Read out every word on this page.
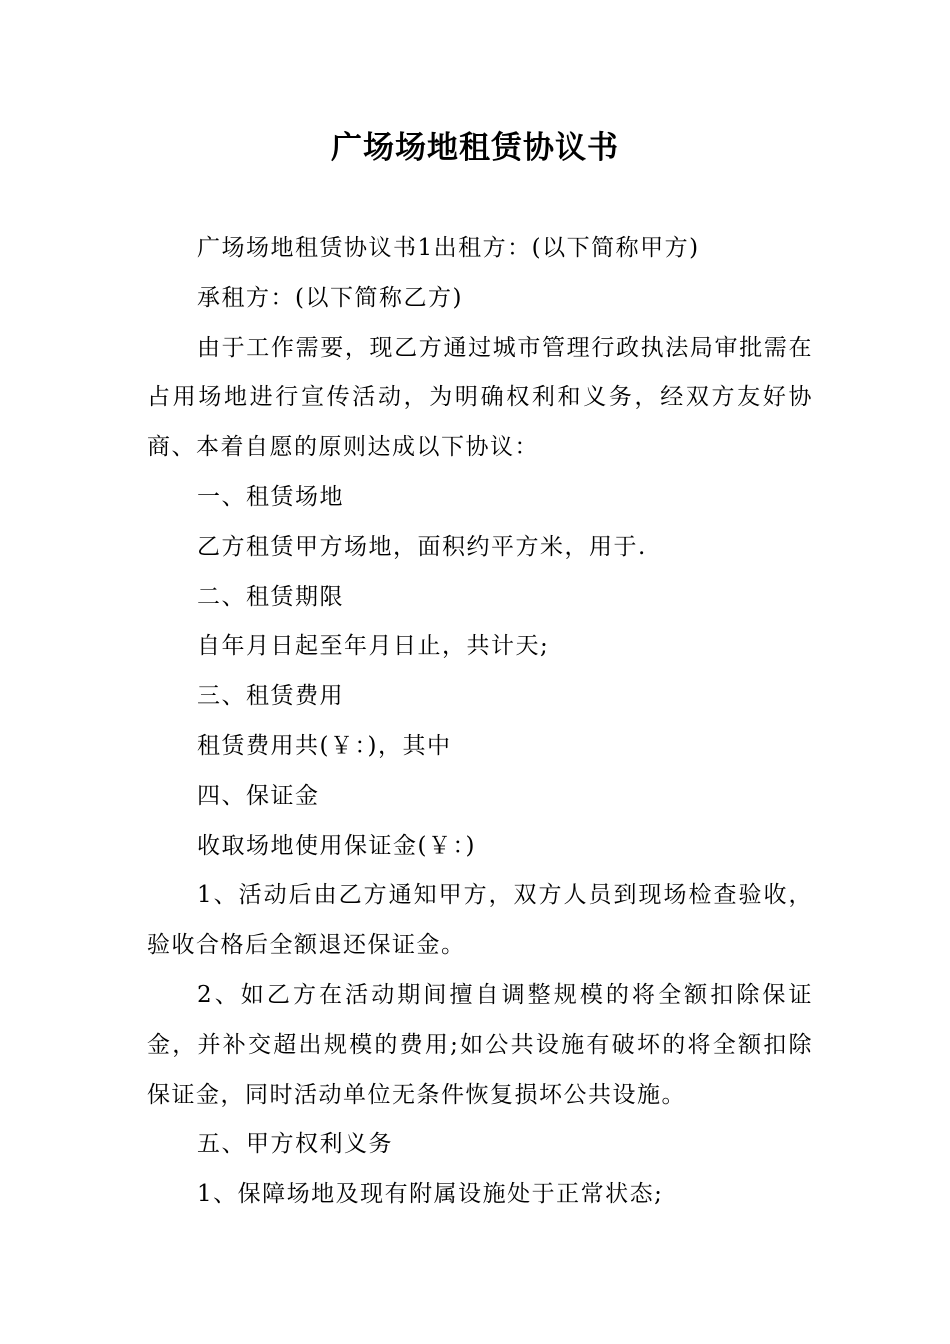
广场场地租赁协议书

广场场地租赁协议书1出租方：(以下简称甲方)

承租方：(以下简称乙方)

由于工作需要，现乙方通过城市管理行政执法局审批需在占用场地进行宣传活动，为明确权利和义务，经双方友好协商、本着自愿的原则达成以下协议：

一、租赁场地

乙方租赁甲方场地，面积约平方米，用于.

二、租赁期限

自年月日起至年月日止，共计天;

三、租赁费用

租赁费用共(￥：)，其中

四、保证金

收取场地使用保证金(￥：)

1、活动后由乙方通知甲方，双方人员到现场检查验收，验收合格后全额退还保证金。

2、如乙方在活动期间擅自调整规模的将全额扣除保证金，并补交超出规模的费用;如公共设施有破坏的将全额扣除保证金，同时活动单位无条件恢复损坏公共设施。

五、甲方权利义务

1、保障场地及现有附属设施处于正常状态;
